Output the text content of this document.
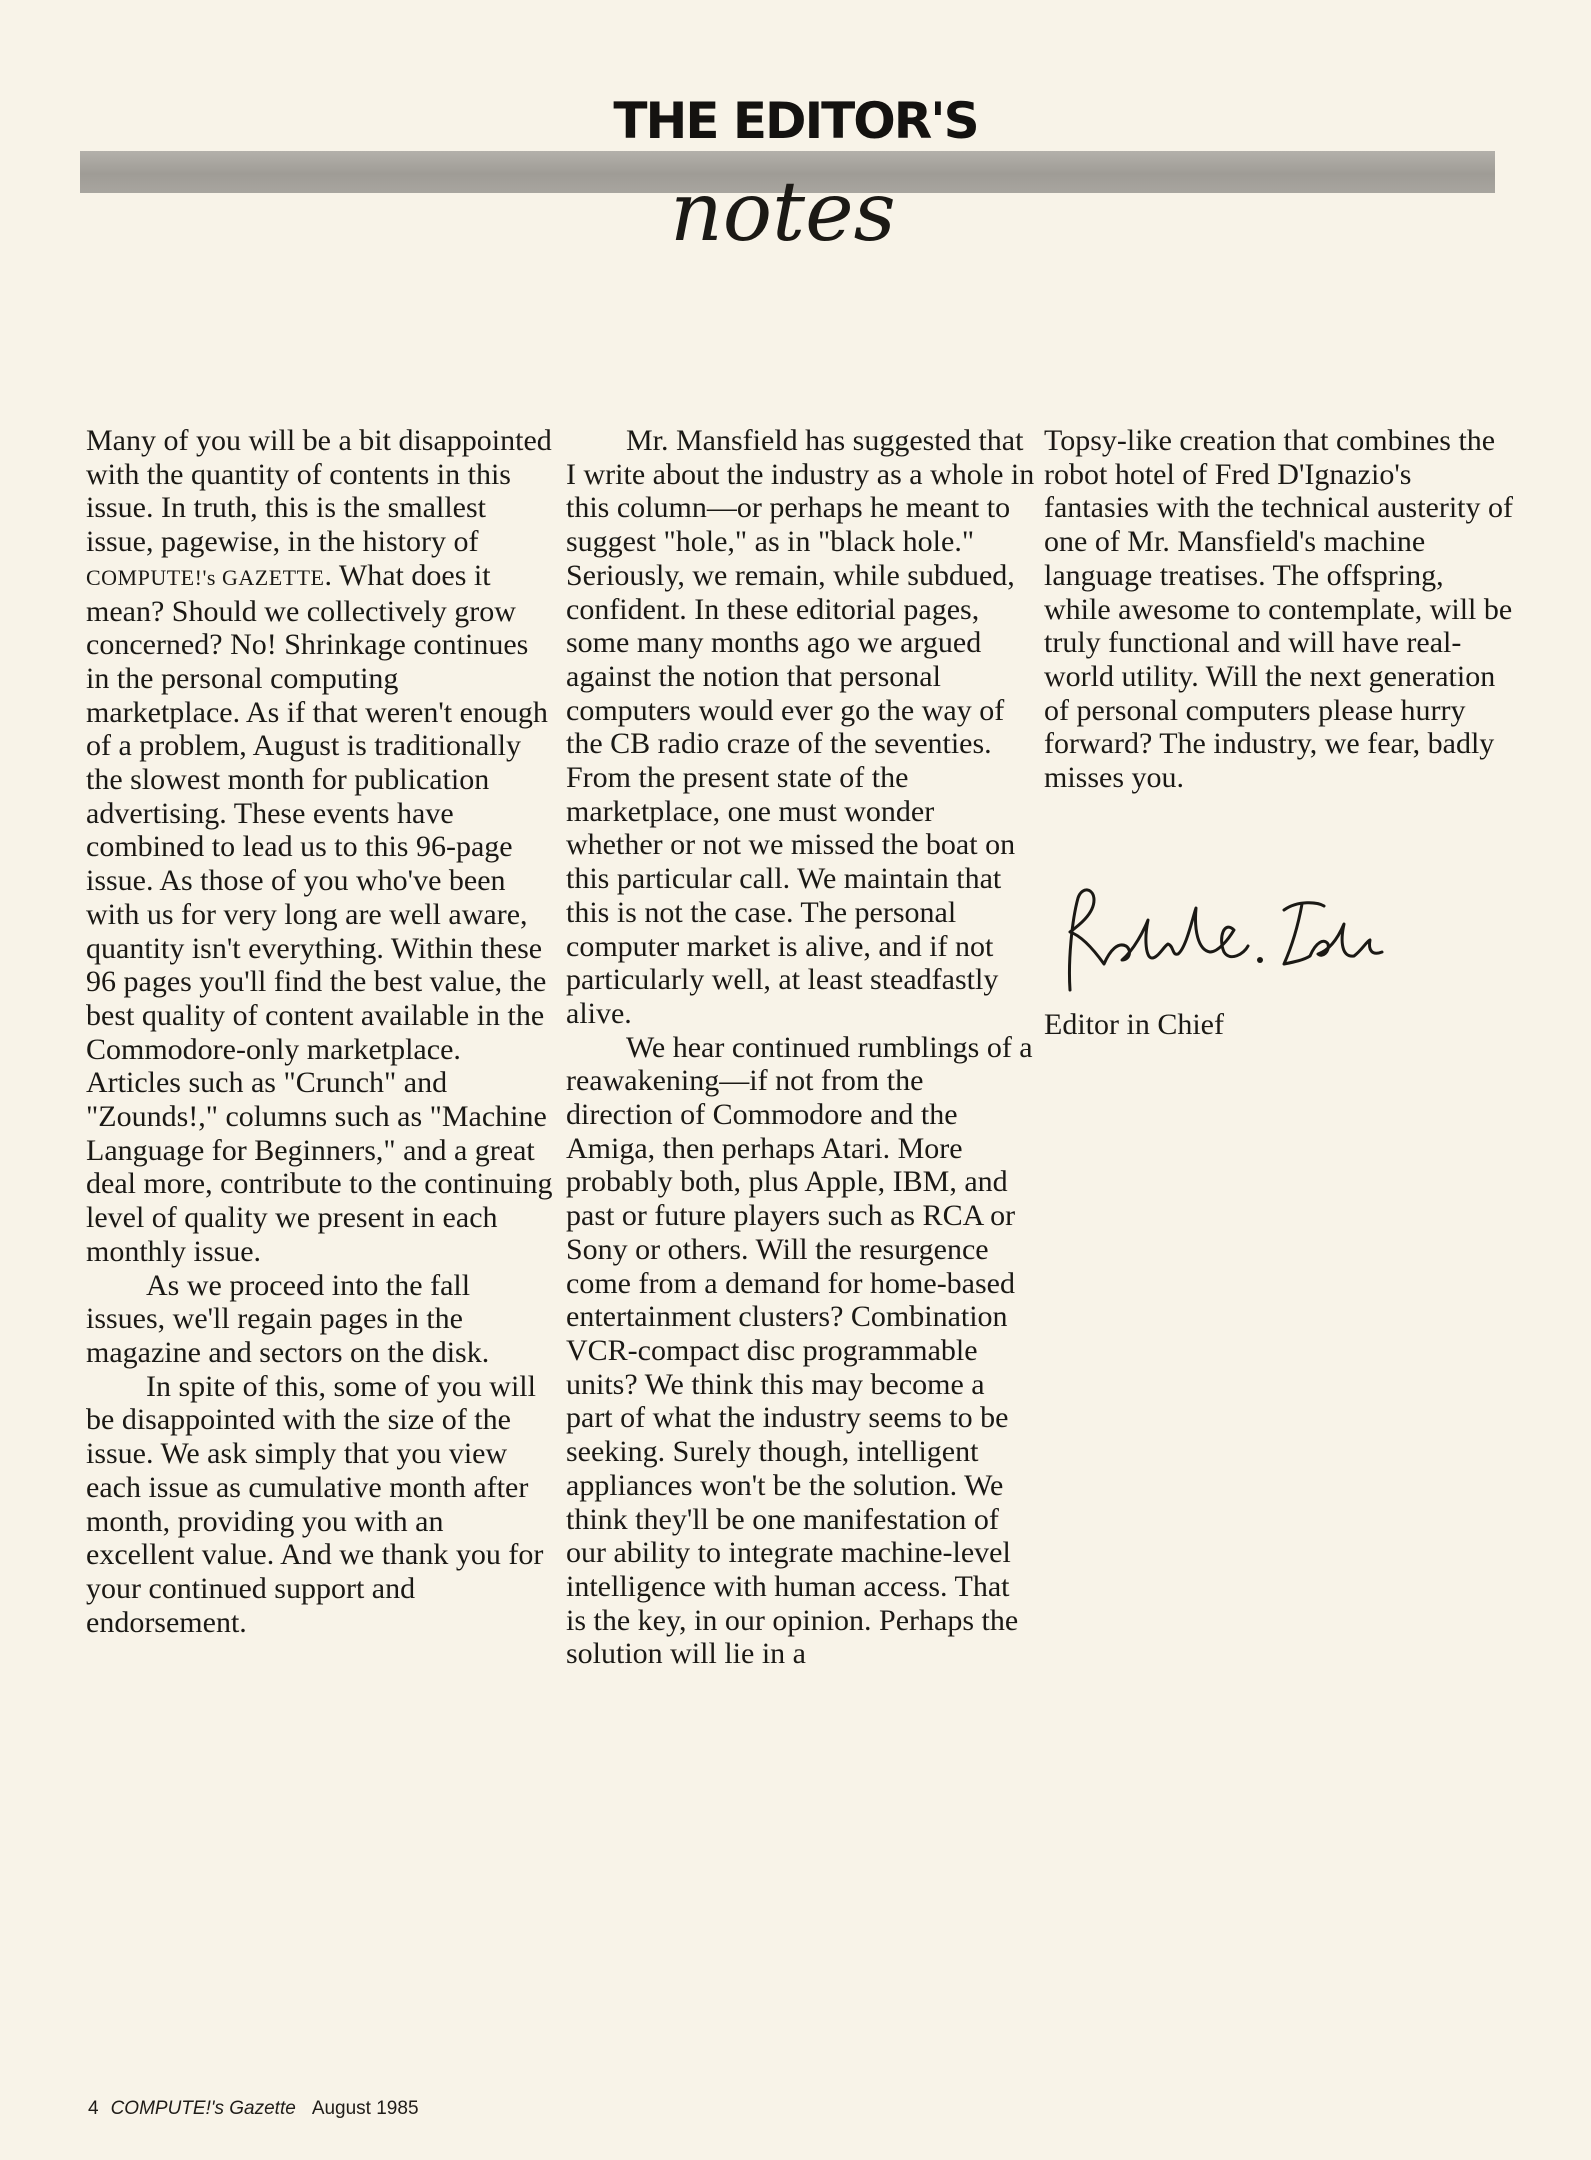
THE EDITOR'S
notes

Many of you will be a bit disappointed with the quantity of contents in this issue. In truth, this is the smallest issue, pagewise, in the history of COMPUTE!'s GAZETTE. What does it mean? Should we collectively grow concerned? No! Shrinkage continues in the personal computing marketplace. As if that weren't enough of a problem, August is traditionally the slowest month for publication advertising. These events have combined to lead us to this 96-page issue. As those of you who've been with us for very long are well aware, quantity isn't everything. Within these 96 pages you'll find the best value, the best quality of content available in the Commodore-only marketplace. Articles such as "Crunch" and "Zounds!," columns such as "Machine Language for Beginners," and a great deal more, contribute to the continuing level of quality we present in each monthly issue.

As we proceed into the fall issues, we'll regain pages in the magazine and sectors on the disk.

In spite of this, some of you will be disappointed with the size of the issue. We ask simply that you view each issue as cumulative month after month, providing you with an excellent value. And we thank you for your continued support and endorsement.

Mr. Mansfield has suggested that I write about the industry as a whole in this column—or perhaps he meant to suggest "hole," as in "black hole." Seriously, we remain, while subdued, confident. In these editorial pages, some many months ago we argued against the notion that personal computers would ever go the way of the CB radio craze of the seventies. From the present state of the marketplace, one must wonder whether or not we missed the boat on this particular call. We maintain that this is not the case. The personal computer market is alive, and if not particularly well, at least steadfastly alive.

We hear continued rumblings of a reawakening—if not from the direction of Commodore and the Amiga, then perhaps Atari. More probably both, plus Apple, IBM, and past or future players such as RCA or Sony or others. Will the resurgence come from a demand for home-based entertainment clusters? Combination VCR-compact disc programmable units? We think this may become a part of what the industry seems to be seeking. Surely though, intelligent appliances won't be the solution. We think they'll be one manifestation of our ability to integrate machine-level intelligence with human access. That is the key, in our opinion. Perhaps the solution will lie in a

Topsy-like creation that combines the robot hotel of Fred D'Ignazio's fantasies with the technical austerity of one of Mr. Mansfield's machine language treatises. The offspring, while awesome to contemplate, will be truly functional and will have real-world utility. Will the next generation of personal computers please hurry forward? The industry, we fear, badly misses you.

Editor in Chief

4 COMPUTE!'s Gazette August 1985
